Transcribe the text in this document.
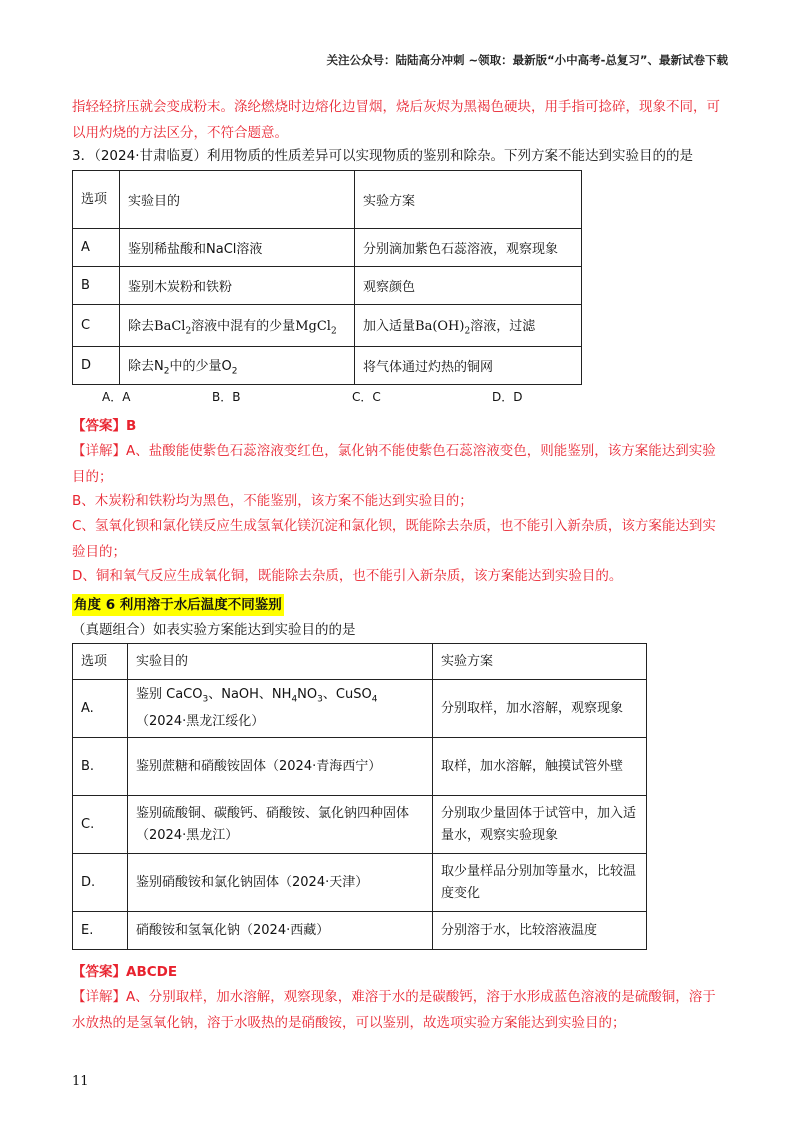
关注公众号：陆陆高分冲刺 ~领取：最新版“小中高考-总复习”、最新试卷下载

指轻轻挤压就会变成粉末。涤纶燃烧时边熔化边冒烟，烧后灰烬为黑褐色硬块，用手指可捻碎，现象不同，可以用灼烧的方法区分，不符合题意。

3．（2024·甘肃临夏）利用物质的性质差异可以实现物质的鉴别和除杂。下列方案不能达到实验目的的是
选项	实验目的	实验方案
A	鉴别稀盐酸和NaCl溶液	分别滴加紫色石蕊溶液，观察现象
B	鉴别木炭粉和铁粉	观察颜色
C	除去BaCl$_2$溶液中混有的少量MgCl$_2$	加入适量$Ba(OH)_2$溶液，过滤
D	除去$N_2$中的少量$O_2$	将气体通过灼热的铜网
A．A	B．B	C．C	D．D
【答案】B

【详解】A、盐酸能使紫色石蕊溶液变红色，氯化钠不能使紫色石蕊溶液变色，则能鉴别，该方案能达到实验目的；

B、木炭粉和铁粉均为黑色，不能鉴别，该方案不能达到实验目的；

C、氢氧化钡和氯化镁反应生成氢氧化镁沉淀和氯化钡，既能除去杂质，也不能引入新杂质，该方案能达到实验目的；

D、铜和氧气反应生成氧化铜，既能除去杂质，也不能引入新杂质，该方案能达到实验目的。

角度 6 利用溶于水后温度不同鉴别
（真题组合）如表实验方案能达到实验目的的是
选项	实验目的	实验方案
A.	鉴别 CaCO$_3$、NaOH、$NH_4NO_3$、CuSO$_4$（2024·黑龙江绥化）	分别取样，加水溶解，观察现象
B.	鉴别蔗糖和硝酸铵固体（2024·青海西宁）	取样，加水溶解，触摸试管外壁
C.	鉴别硫酸铜、碳酸钙、硝酸铵、氯化钠四种固体（2024·黑龙江）	分别取少量固体于试管中，加入适量水，观察实验现象
D.	鉴别硝酸铵和氯化钠固体（2024·天津）	取少量样品分别加等量水，比较温度变化
E.	硝酸铵和氢氧化钠（2024·西藏）	分别溶于水，比较溶液温度
【答案】ABCDE

【详解】A、分别取样，加水溶解，观察现象，难溶于水的是碳酸钙，溶于水形成蓝色溶液的是硫酸铜，溶于水放热的是氢氧化钠，溶于水吸热的是硝酸铵，可以鉴别，故选项实验方案能达到实验目的；

11
